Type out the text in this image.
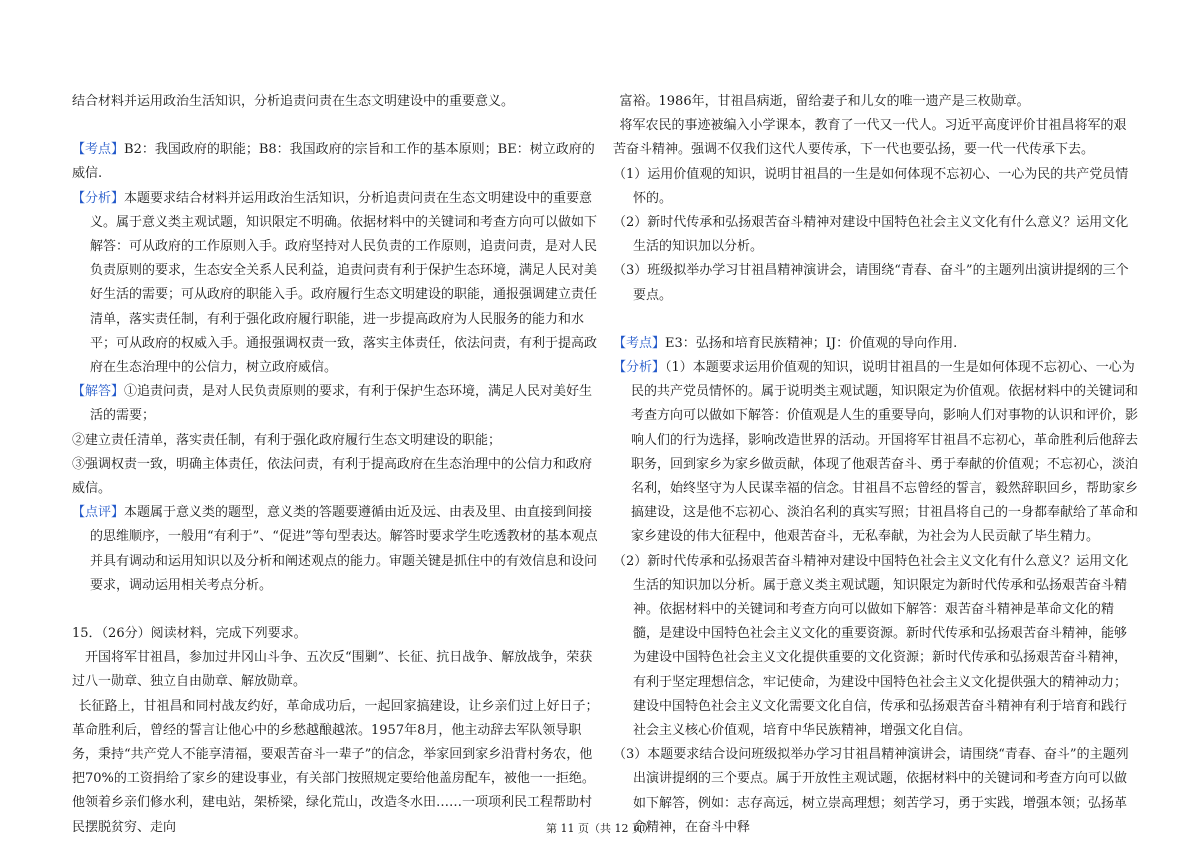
结合材料并运用政治生活知识，分析追责问责在生态文明建设中的重要意义。

【考点】B2：我国政府的职能；B8：我国政府的宗旨和工作的基本原则；BE：树立政府的威信.

【分析】本题要求结合材料并运用政治生活知识，分析追责问责在生态文明建设中的重要意义。属于意义类主观试题，知识限定不明确。依据材料中的关键词和考查方向可以做如下解答：可从政府的工作原则入手。政府坚持对人民负责的工作原则，追责问责，是对人民负责原则的要求，生态安全关系人民利益，追责问责有利于保护生态环境，满足人民对美好生活的需要；可从政府的职能入手。政府履行生态文明建设的职能，通报强调建立责任清单，落实责任制，有利于强化政府履行职能，进一步提高政府为人民服务的能力和水平；可从政府的权威入手。通报强调权责一致，落实主体责任，依法问责，有利于提高政府在生态治理中的公信力，树立政府威信。

【解答】①追责问责，是对人民负责原则的要求，有利于保护生态环境，满足人民对美好生活的需要；

②建立责任清单，落实责任制，有利于强化政府履行生态文明建设的职能；

③强调权责一致，明确主体责任，依法问责，有利于提高政府在生态治理中的公信力和政府威信。

【点评】本题属于意义类的题型，意义类的答题要遵循由近及远、由表及里、由直接到间接的思维顺序，一般用“有利于”、“促进”等句型表达。解答时要求学生吃透教材的基本观点并具有调动和运用知识以及分析和阐述观点的能力。审题关键是抓住中的有效信息和设问要求，调动运用相关考点分析。

15．（26分）阅读材料，完成下列要求。

开国将军甘祖昌，参加过井冈山斗争、五次反“围剿”、长征、抗日战争、解放战争，荣获过八一勋章、独立自由勋章、解放勋章。

长征路上，甘祖昌和同村战友约好，革命成功后，一起回家搞建设，让乡亲们过上好日子；革命胜利后，曾经的誓言让他心中的乡愁越酿越浓。1957年8月，他主动辞去军队领导职务，秉持“共产党人不能享清福，要艰苦奋斗一辈子”的信念，举家回到家乡沿背村务农，他把70%的工资捐给了家乡的建设事业，有关部门按照规定要给他盖房配车，被他一一拒绝。他领着乡亲们修水利，建电站，架桥梁，绿化荒山，改造冬水田……一项项利民工程帮助村民摆脱贫穷、走向

富裕。1986年，甘祖昌病逝，留给妻子和儿女的唯一遗产是三枚勋章。

将军农民的事迹被编入小学课本，教育了一代又一代人。习近平高度评价甘祖昌将军的艰苦奋斗精神。强调不仅我们这代人要传承，下一代也要弘扬，要一代一代传承下去。

（1）运用价值观的知识，说明甘祖昌的一生是如何体现不忘初心、一心为民的共产党员情怀的。

（2）新时代传承和弘扬艰苦奋斗精神对建设中国特色社会主义文化有什么意义？运用文化生活的知识加以分析。

（3）班级拟举办学习甘祖昌精神演讲会，请围绕“青春、奋斗”的主题列出演讲提纲的三个要点。

【考点】E3：弘扬和培育民族精神；IJ：价值观的导向作用.

【分析】（1）本题要求运用价值观的知识，说明甘祖昌的一生是如何体现不忘初心、一心为民的共产党员情怀的。属于说明类主观试题，知识限定为价值观。依据材料中的关键词和考查方向可以做如下解答：价值观是人生的重要导向，影响人们对事物的认识和评价，影响人们的行为选择，影响改造世界的活动。开国将军甘祖昌不忘初心，革命胜利后他辞去职务，回到家乡为家乡做贡献，体现了他艰苦奋斗、勇于奉献的价值观；不忘初心，淡泊名利，始终坚守为人民谋幸福的信念。甘祖昌不忘曾经的誓言，毅然辞职回乡，帮助家乡搞建设，这是他不忘初心、淡泊名利的真实写照；甘祖昌将自己的一身都奉献给了革命和家乡建设的伟大征程中，他艰苦奋斗，无私奉献，为社会为人民贡献了毕生精力。

（2）新时代传承和弘扬艰苦奋斗精神对建设中国特色社会主义文化有什么意义？运用文化生活的知识加以分析。属于意义类主观试题，知识限定为新时代传承和弘扬艰苦奋斗精神。依据材料中的关键词和考查方向可以做如下解答：艰苦奋斗精神是革命文化的精髓，是建设中国特色社会主义文化的重要资源。新时代传承和弘扬艰苦奋斗精神，能够为建设中国特色社会主义文化提供重要的文化资源；新时代传承和弘扬艰苦奋斗精神，有利于坚定理想信念，牢记使命，为建设中国特色社会主义文化提供强大的精神动力；建设中国特色社会主义文化需要文化自信，传承和弘扬艰苦奋斗精神有利于培育和践行社会主义核心价值观，培育中华民族精神，增强文化自信。

（3）本题要求结合设问班级拟举办学习甘祖昌精神演讲会，请围绕“青春、奋斗”的主题列出演讲提纲的三个要点。属于开放性主观试题，依据材料中的关键词和考查方向可以做如下解答，例如：志存高远，树立崇高理想；刻苦学习，勇于实践，增强本领；弘扬革命精神，在奋斗中释

第 11 页（共 12 页）
